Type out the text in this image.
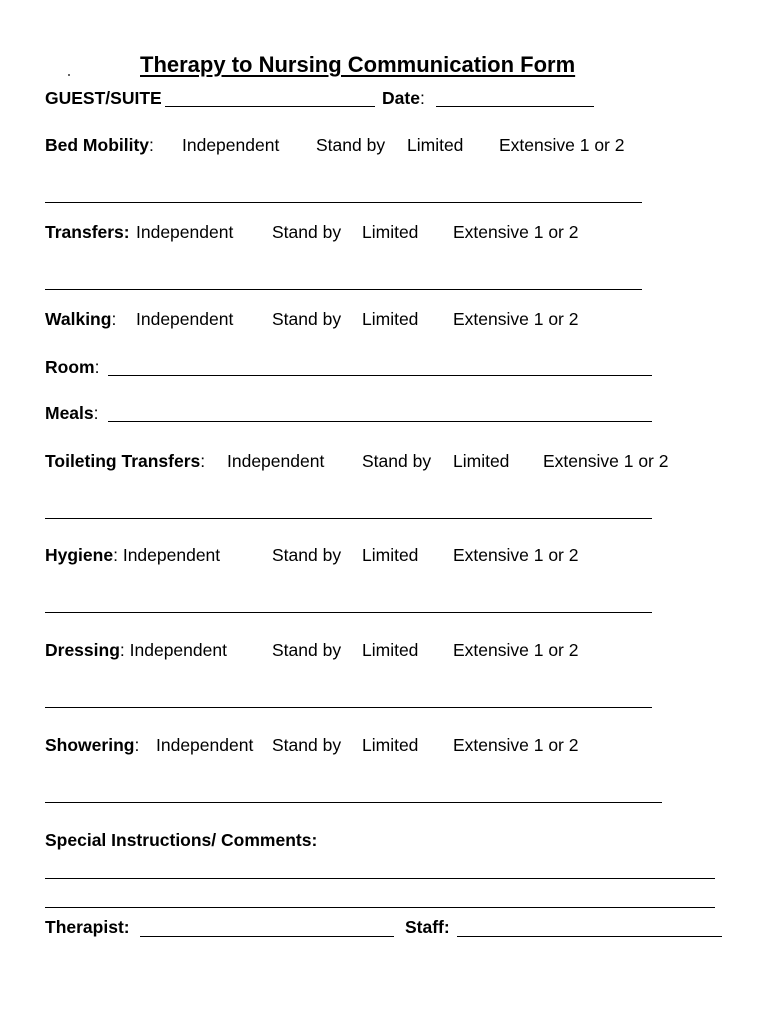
Therapy to Nursing Communication Form
GUEST/SUITE	Date:
Bed Mobility: Independent Stand by Limited Extensive 1 or 2
Transfers: Independent Stand by Limited Extensive 1 or 2
Walking: Independent Stand by Limited Extensive 1 or 2
Room:
Meals:
Toileting Transfers: Independent Stand by Limited Extensive 1 or 2
Hygiene: Independent	Stand by Limited Extensive 1 or 2
Dressing: Independent	Stand by Limited Extensive 1 or 2
Showering: Independent Stand by Limited Extensive 1 or 2
Special Instructions/ Comments:
Therapist:	Staff:
